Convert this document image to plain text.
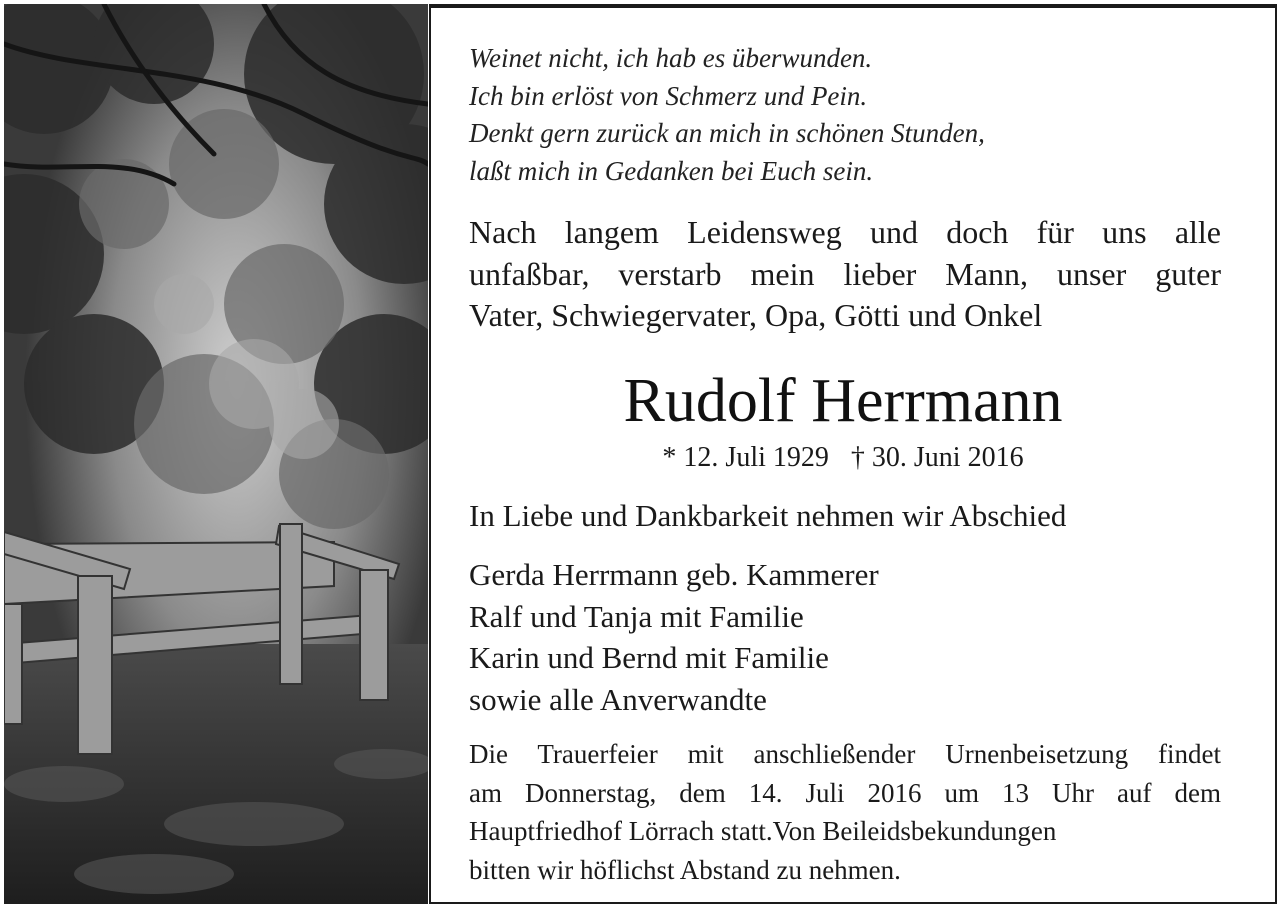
Weinet nicht, ich hab es überwunden.
Ich bin erlöst von Schmerz und Pein.
Denkt gern zurück an mich in schönen Stunden,
laßt mich in Gedanken bei Euch sein.
Nach langem Leidensweg und doch für uns alle
unfaßbar, verstarb mein lieber Mann, unser guter
Vater, Schwiegervater, Opa, Götti und Onkel
Rudolf Herrmann
* 12. Juli 1929 † 30. Juni 2016
In Liebe und Dankbarkeit nehmen wir Abschied
Gerda Herrmann geb. Kammerer
Ralf und Tanja mit Familie
Karin und Bernd mit Familie
sowie alle Anverwandte
Die Trauerfeier mit anschließender Urnenbeisetzung findet
am Donnerstag, dem 14. Juli 2016 um 13 Uhr auf dem
Hauptfriedhof Lörrach statt.Von Beileidsbekundungen
bitten wir höflichst Abstand zu nehmen.
